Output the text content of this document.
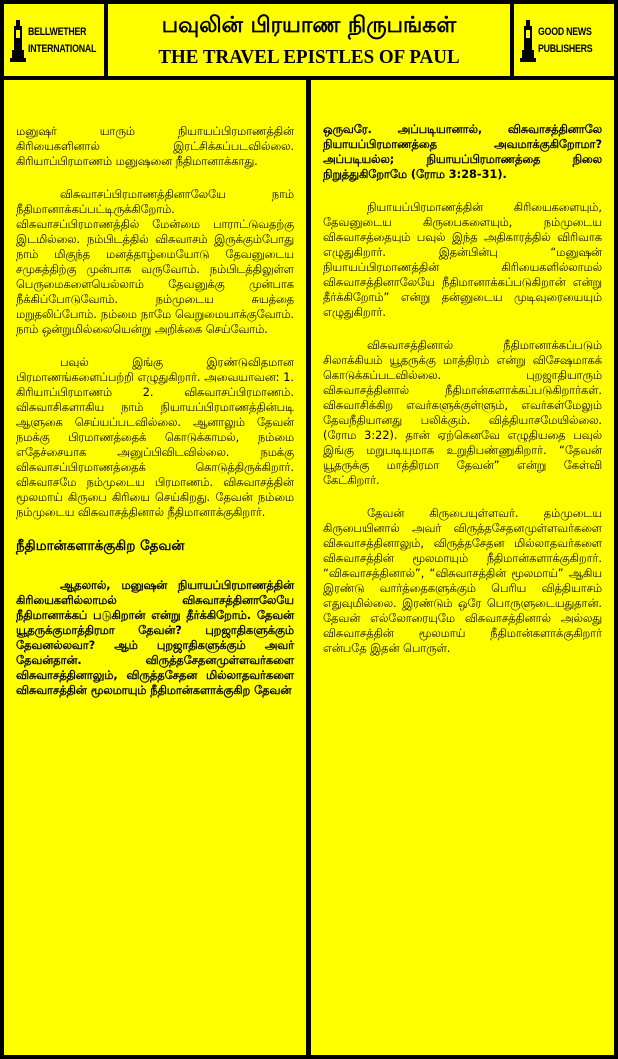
BELLWETHER
INTERNATIONAL
பவுலின் பிரயாண நிருபங்கள்
THE TRAVEL EPISTLES OF PAUL
GOOD NEWS
PUBLISHERS

மனுஷர் யாரும் நியாயப்பிரமாணத்தின் கிரியைகளினால் இரட்சிக்கப்படவில்லை. கிரியாப்பிரமாணம் மனுஷனை நீதிமானாக்காது.

விசுவாசப்பிரமாணத்தினாலேயே நாம் நீதிமானாக்கப்பட்டிருக்கிறோம். விசுவாசப்பிரமாணத்தில் மேன்மை பாராட்டுவதற்கு இடமில்லை. நம்பிடத்தில் விசுவாசம் இருக்கும்போது நாம் மிகுந்த மனத்தாழ்மையோடு தேவனுடைய சமுகத்திற்கு முன்பாக வருவோம். நம்பிடத்திலுள்ள பெருமைகளையெல்லாம் தேவனுக்கு முன்பாக நீக்கிப்போடுவோம். நம்முடைய சுயத்தை மறுதலிப்போம். நம்மை நாமே வெறுமையாக்குவோம். நாம் ஒன்றுமில்லையென்று அறிக்கை செய்வோம்.

பவுல் இங்கு இரண்டுவிதமான பிரமாணங்களைப்பற்றி எழுதுகிறார். அவையாவன: 1. கிரியாப்பிரமாணம் 2. விசுவாசப்பிரமாணம். விசுவாசிகளாகிய நாம் நியாயப்பிரமாணத்தின்படி ஆளுகை செய்யப்படவில்லை. ஆனாலும் தேவன் நமக்கு பிரமாணத்தைக் கொடுக்காமல், நம்மை எதேச்சையாக அனுப்பிவிடவில்லை. நமக்கு விசுவாசப்பிரமாணத்தைக் கொடுத்திருக்கிறார். விசுவாசமே நம்முடைய பிரமாணம். விசுவாசத்தின் மூலமாய் கிருபை கிரியை செய்கிறது. தேவன் நம்மை நம்முடைய விசுவாசத்தினால் நீதிமானாக்குகிறார்.

நீதிமான்களாக்குகிற தேவன்

ஆதலால், மனுஷன் நியாயப்பிரமாணத்தின் கிரியைகளில்லாமல் விசுவாசத்தினாலேயே நீதிமானாக்கப் படுகிறான் என்று தீர்க்கிறோம். தேவன் யூதருக்குமாத்திரமா தேவன்? புறஜாதிகளுக்கும் தேவனல்லவா? ஆம் புறஜாதிகளுக்கும் அவர் தேவன்தான். விருத்தசேதனமுள்ளவர்களை விசுவாசத்தினாலும், விருத்தசேதன மில்லாதவர்களை விசுவாசத்தின் மூலமாயும் நீதிமான்களாக்குகிற தேவன்

ஒருவரே. அப்படியானால், விசுவாசத்தினாலே நியாயப்பிரமாணத்தை அவமாக்குகிறோமா? அப்படியல்ல; நியாயப்பிரமாணத்தை நிலை நிறுத்துகிறோமே (ரோம 3:28-31).

நியாயப்பிரமாணத்தின் கிரியைகளையும், தேவனுடைய கிருபைகளையும், நம்முடைய விசுவாசத்தையும் பவுல் இந்த அதிகாரத்தில் விரிவாக எழுதுகிறார். இதன்பின்பு “மனுஷன் நியாயப்பிரமாணத்தின் கிரியைகளில்லாமல் விசுவாசத்தினாலேயே நீதிமானாக்கப்படுகிறான் என்று தீர்க்கிறோம்” என்று தன்னுடைய முடிவுரையையும் எழுதுகிறார்.

விசுவாசத்தினால் நீதிமானாக்கப்படும் சிலாக்கியம் யூதருக்கு மாத்திரம் என்று விசேஷமாகக் கொடுக்கப்படவில்லை. புறஜாதியாரும் விசுவாசத்தினால் நீதிமான்களாக்கப்படுகிறார்கள். விசுவாசிக்கிற எவர்களுக்குள்ளும், எவர்கள்மேலும் தேவநீதியானது பலிக்கும். வித்தியாசமேயில்லை. (ரோம 3:22). தான் ஏற்கெனவே எழுதியதை பவுல் இங்கு மறுபடியுமாக உறுதிபண்ணுகிறார். “தேவன் யூதருக்கு மாத்திரமா தேவன்” என்று கேள்வி கேட்கிறார்.

தேவன் கிருபையுள்ளவர். தம்முடைய கிருபையினால் அவர் விருத்தசேதனமுள்ளவர்களை விசுவாசத்தினாலும், விருத்தசேதன மில்லாதவர்களை விசுவாசத்தின் மூலமாயும் நீதிமான்களாக்குகிறார். “விசுவாசத்தினால்”, “விசுவாசத்தின் மூலமாய்” ஆகிய இரண்டு வார்த்தைகளுக்கும் பெரிய வித்தியாசம் எதுவுமில்லை. இரண்டும் ஒரே பொருளுடையதுதான். தேவன் எல்லோரையுமே விசுவாசத்தினால் அல்லது விசுவாசத்தின் மூலமாய் நீதிமான்களாக்குகிறார் என்பதே இதன் பொருள்.
